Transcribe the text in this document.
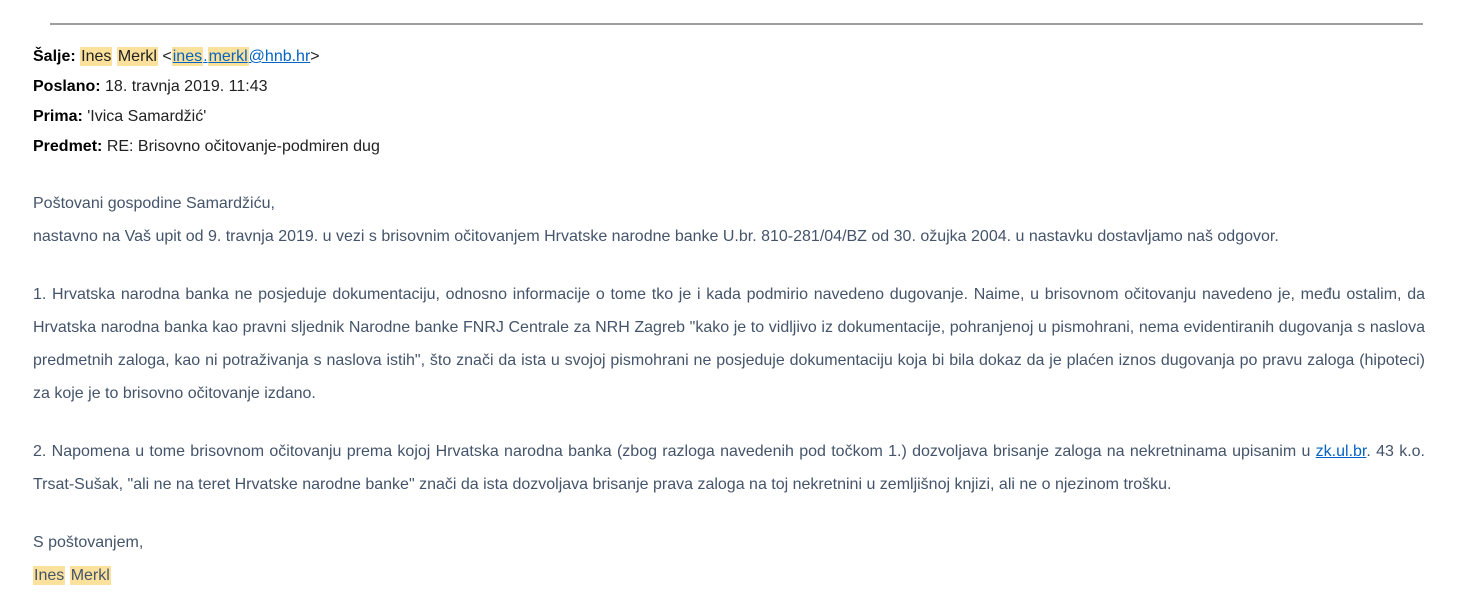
Šalje: Ines Merkl <ines.merkl@hnb.hr>

Poslano: 18. travnja 2019. 11:43

Prima: 'Ivica Samardžić'

Predmet: RE: Brisovno očitovanje-podmiren dug

Poštovani gospodine Samardžiću,

nastavno na Vaš upit od 9. travnja 2019. u vezi s brisovnim očitovanjem Hrvatske narodne banke U.br. 810-281/04/BZ od 30. ožujka 2004. u nastavku dostavljamo naš odgovor.

1. Hrvatska narodna banka ne posjeduje dokumentaciju, odnosno informacije o tome tko je i kada podmirio navedeno dugovanje. Naime, u brisovnom očitovanju navedeno je, među ostalim, da Hrvatska narodna banka kao pravni sljednik Narodne banke FNRJ Centrale za NRH Zagreb "kako je to vidljivo iz dokumentacije, pohranjenoj u pismohrani, nema evidentiranih dugovanja s naslova predmetnih zaloga, kao ni potraživanja s naslova istih", što znači da ista u svojoj pismohrani ne posjeduje dokumentaciju koja bi bila dokaz da je plaćen iznos dugovanja po pravu zaloga (hipoteci) za koje je to brisovno očitovanje izdano.

2. Napomena u tome brisovnom očitovanju prema kojoj Hrvatska narodna banka (zbog razloga navedenih pod točkom 1.) dozvoljava brisanje zaloga na nekretninama upisanim u zk.ul.br. 43 k.o. Trsat-Sušak, "ali ne na teret Hrvatske narodne banke" znači da ista dozvoljava brisanje prava zaloga na toj nekretnini u zemljišnoj knjizi, ali ne o njezinom trošku.

S poštovanjem,

Ines Merkl
